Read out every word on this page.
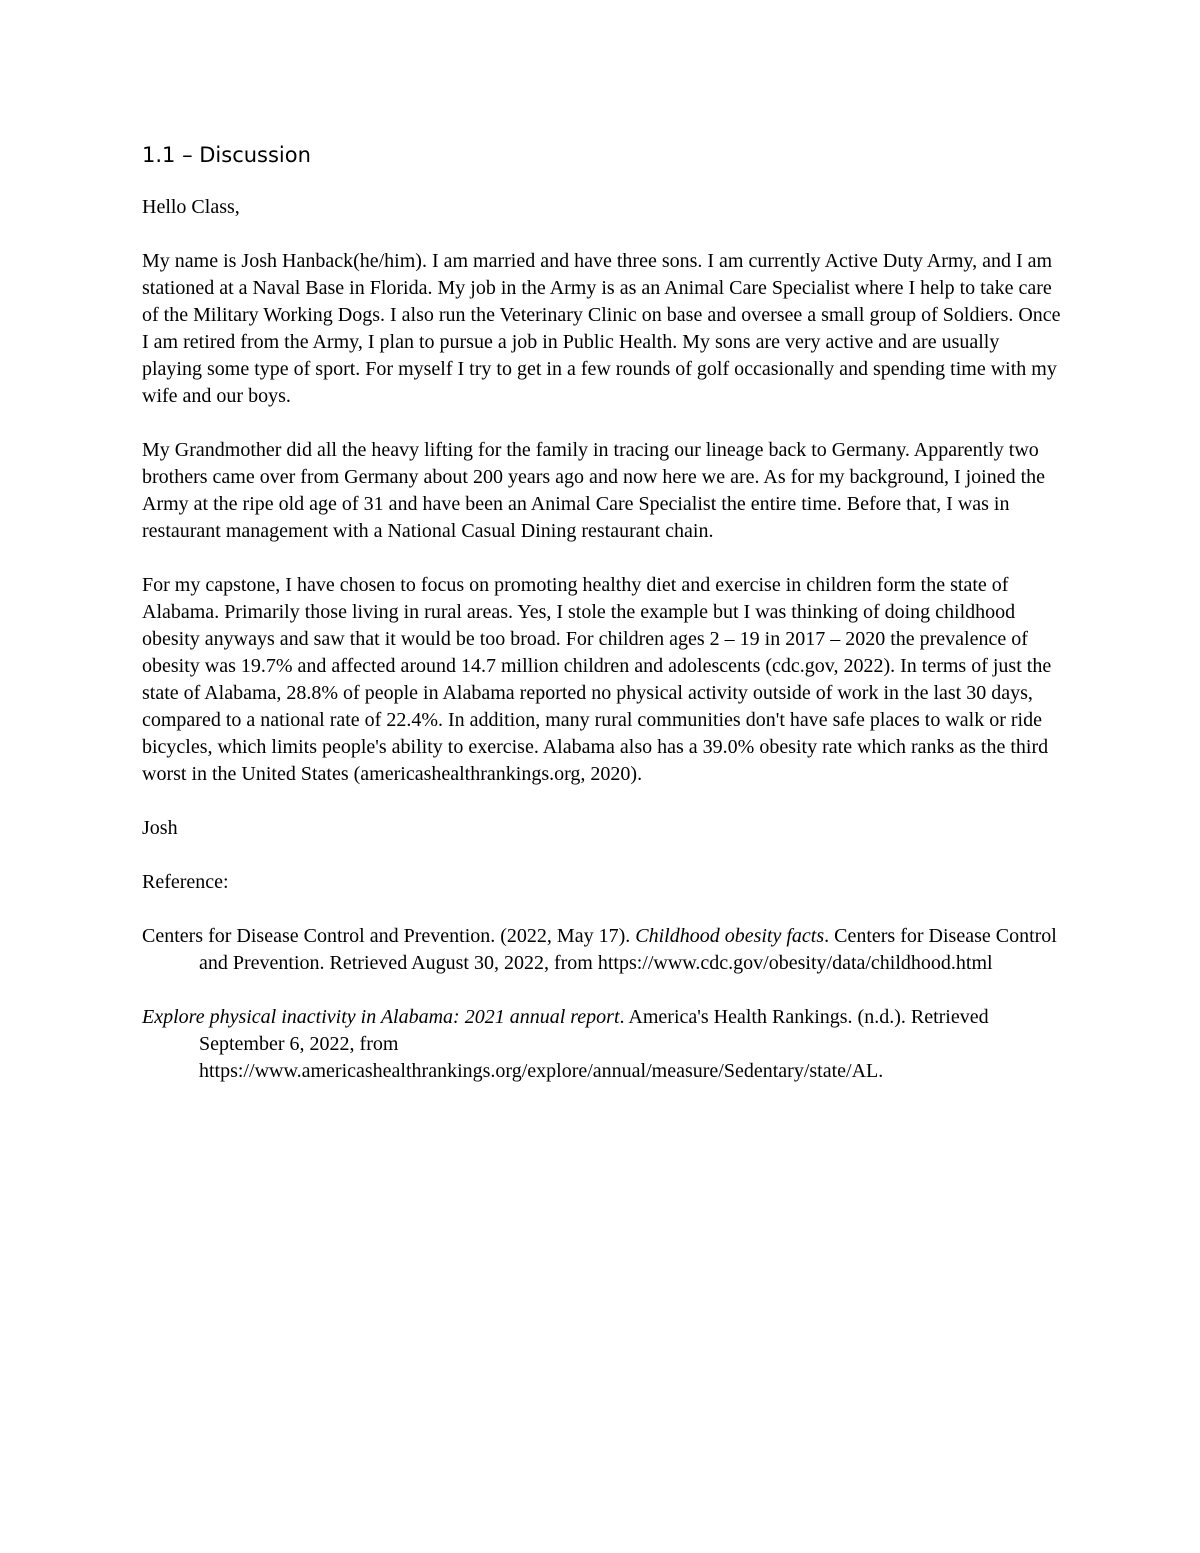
1.1 – Discussion

Hello Class,

My name is Josh Hanback(he/him). I am married and have three sons. I am currently Active Duty Army, and I am stationed at a Naval Base in Florida. My job in the Army is as an Animal Care Specialist where I help to take care of the Military Working Dogs. I also run the Veterinary Clinic on base and oversee a small group of Soldiers. Once I am retired from the Army, I plan to pursue a job in Public Health. My sons are very active and are usually playing some type of sport. For myself I try to get in a few rounds of golf occasionally and spending time with my wife and our boys.

My Grandmother did all the heavy lifting for the family in tracing our lineage back to Germany. Apparently two brothers came over from Germany about 200 years ago and now here we are. As for my background, I joined the Army at the ripe old age of 31 and have been an Animal Care Specialist the entire time. Before that, I was in restaurant management with a National Casual Dining restaurant chain.

For my capstone, I have chosen to focus on promoting healthy diet and exercise in children form the state of Alabama. Primarily those living in rural areas. Yes, I stole the example but I was thinking of doing childhood obesity anyways and saw that it would be too broad. For children ages 2 – 19 in 2017 – 2020 the prevalence of obesity was 19.7% and affected around 14.7 million children and adolescents (cdc.gov, 2022). In terms of just the state of Alabama, 28.8% of people in Alabama reported no physical activity outside of work in the last 30 days, compared to a national rate of 22.4%. In addition, many rural communities don't have safe places to walk or ride bicycles, which limits people's ability to exercise. Alabama also has a 39.0% obesity rate which ranks as the third worst in the United States (americashealthrankings.org, 2020).

Josh

Reference:

Centers for Disease Control and Prevention. (2022, May 17). Childhood obesity facts. Centers for Disease Control and Prevention. Retrieved August 30, 2022, from https://www.cdc.gov/obesity/data/childhood.html

Explore physical inactivity in Alabama: 2021 annual report. America's Health Rankings. (n.d.). Retrieved September 6, 2022, from https://www.americashealthrankings.org/explore/annual/measure/Sedentary/state/AL.
